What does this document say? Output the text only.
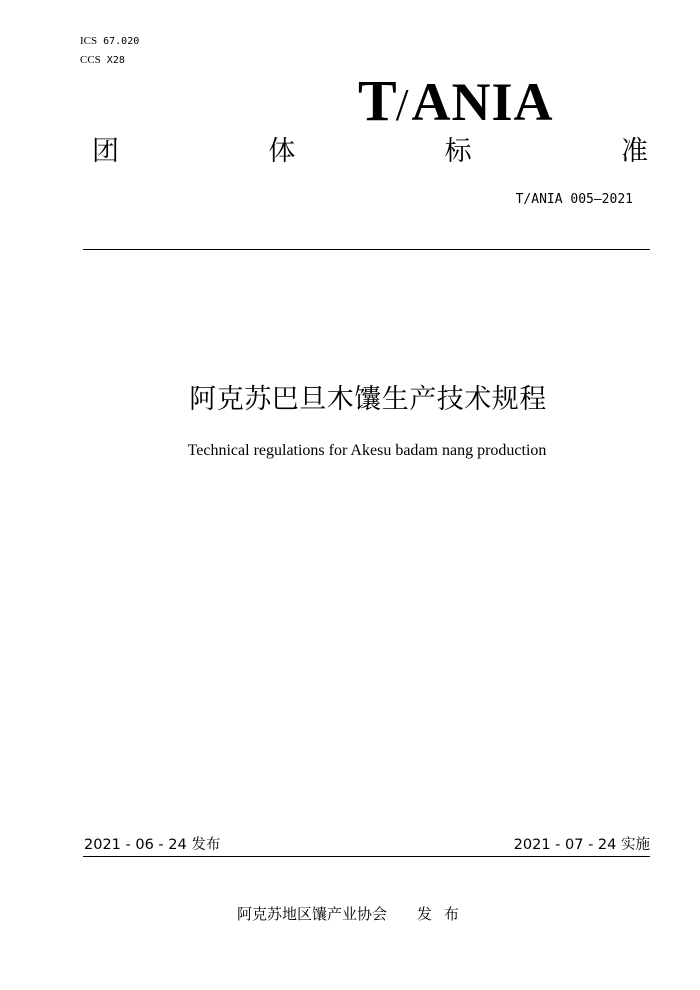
ICS 67.020
CCS X28
T/ANIA
团	体	标	准
T/ANIA 005—2021
阿克苏巴旦木馕生产技术规程
Technical regulations for Akesu badam nang production
2021 - 06 - 24 发布	2021 - 07 - 24 实施
阿克苏地区馕产业协会 发布
